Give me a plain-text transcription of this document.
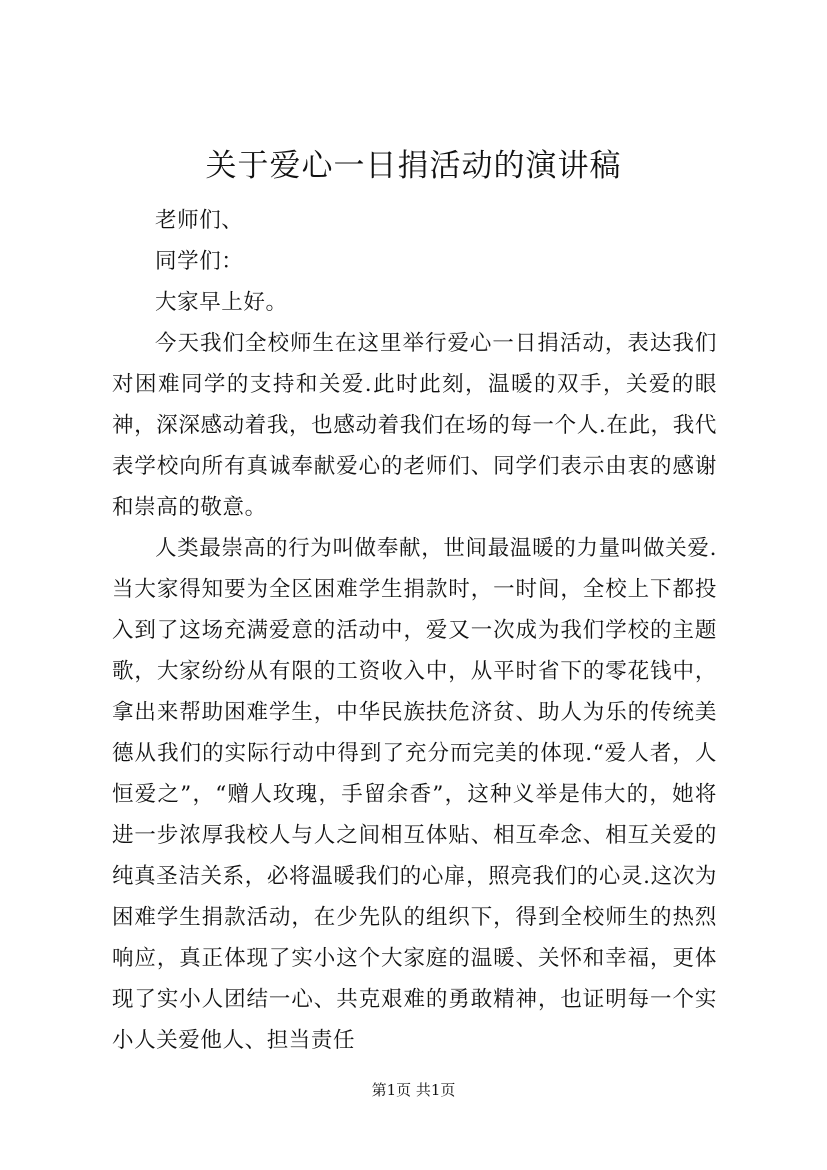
关于爱心一日捐活动的演讲稿

老师们、

同学们：

大家早上好。

今天我们全校师生在这里举行爱心一日捐活动，表达我们对困难同学的支持和关爱.此时此刻，温暖的双手，关爱的眼神，深深感动着我，也感动着我们在场的每一个人.在此，我代表学校向所有真诚奉献爱心的老师们、同学们表示由衷的感谢和崇高的敬意。

人类最崇高的行为叫做奉献，世间最温暖的力量叫做关爱.当大家得知要为全区困难学生捐款时，一时间，全校上下都投入到了这场充满爱意的活动中，爱又一次成为我们学校的主题歌，大家纷纷从有限的工资收入中，从平时省下的零花钱中，拿出来帮助困难学生，中华民族扶危济贫、助人为乐的传统美德从我们的实际行动中得到了充分而完美的体现.“爱人者，人恒爱之”，“赠人玫瑰，手留余香”，这种义举是伟大的，她将进一步浓厚我校人与人之间相互体贴、相互牵念、相互关爱的纯真圣洁关系，必将温暖我们的心扉，照亮我们的心灵.这次为困难学生捐款活动，在少先队的组织下，得到全校师生的热烈响应，真正体现了实小这个大家庭的温暖、关怀和幸福，更体现了实小人团结一心、共克艰难的勇敢精神，也证明每一个实小人关爱他人、担当责任

第1页 共1页
